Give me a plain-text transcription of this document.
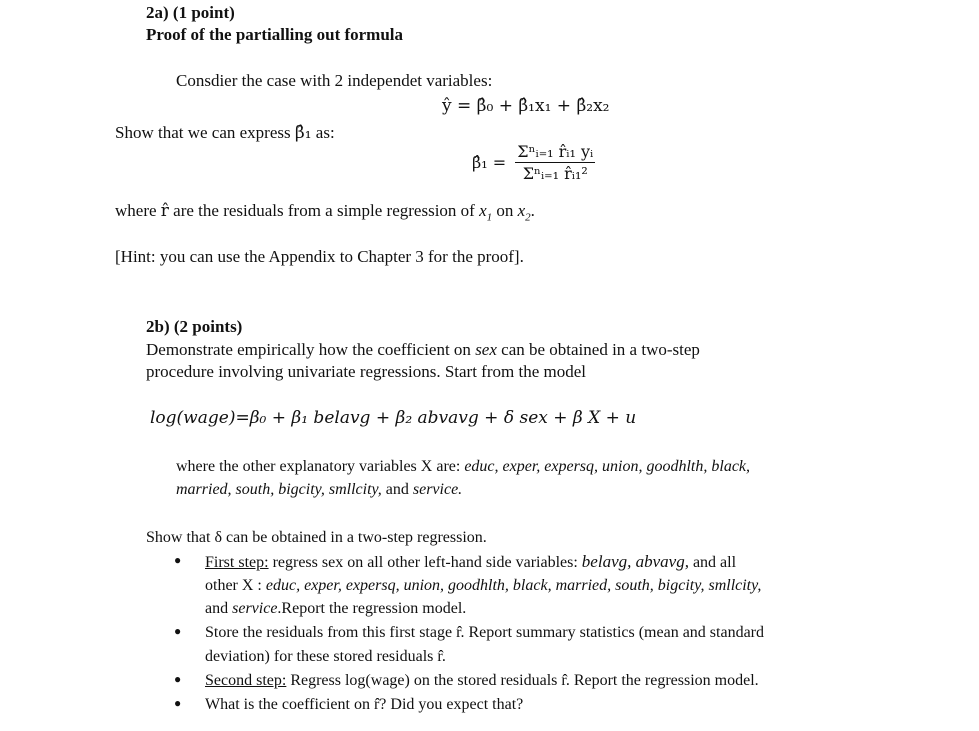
2a) (1 point)
Proof of the partialling out formula
Consdier the case with 2 independet variables:
ŷ = β̂₀ + β̂₁x₁ + β̂₂x₂
Show that we can express β̂₁ as:
β̂₁ = $\frac{\text{Σⁿᵢ₌₁ r̂ᵢ₁ yᵢ}}{\text{Σⁿᵢ₌₁ r̂ᵢ₁²}}$
where r̂ are the residuals from a simple regression of $x_1$ on $x_2$.
[Hint: you can use the Appendix to Chapter 3 for the proof].
2b) (2 points)
Demonstrate empirically how the coefficient on sex can be obtained in a two-step
procedure involving univariate regressions. Start from the model
log(wage)=β₀ + β₁ belavg + β₂ abvavg + δ sex + β X + u
where the other explanatory variables X are: educ, exper, expersq, union, goodhlth, black,
married, south, bigcity, smllcity, and service.
Show that δ can be obtained in a two-step regression.
● First step: regress sex on all other left-hand side variables: belavg, abvavg, and all
other X : educ, exper, expersq, union, goodhlth, black, married, south, bigcity, smllcity,
and service.Report the regression model.
● Store the residuals from this first stage r̂. Report summary statistics (mean and standard
deviation) for these stored residuals r̂.
● Second step: Regress log(wage) on the stored residuals r̂. Report the regression model.
● What is the coefficient on r̂? Did you expect that?
